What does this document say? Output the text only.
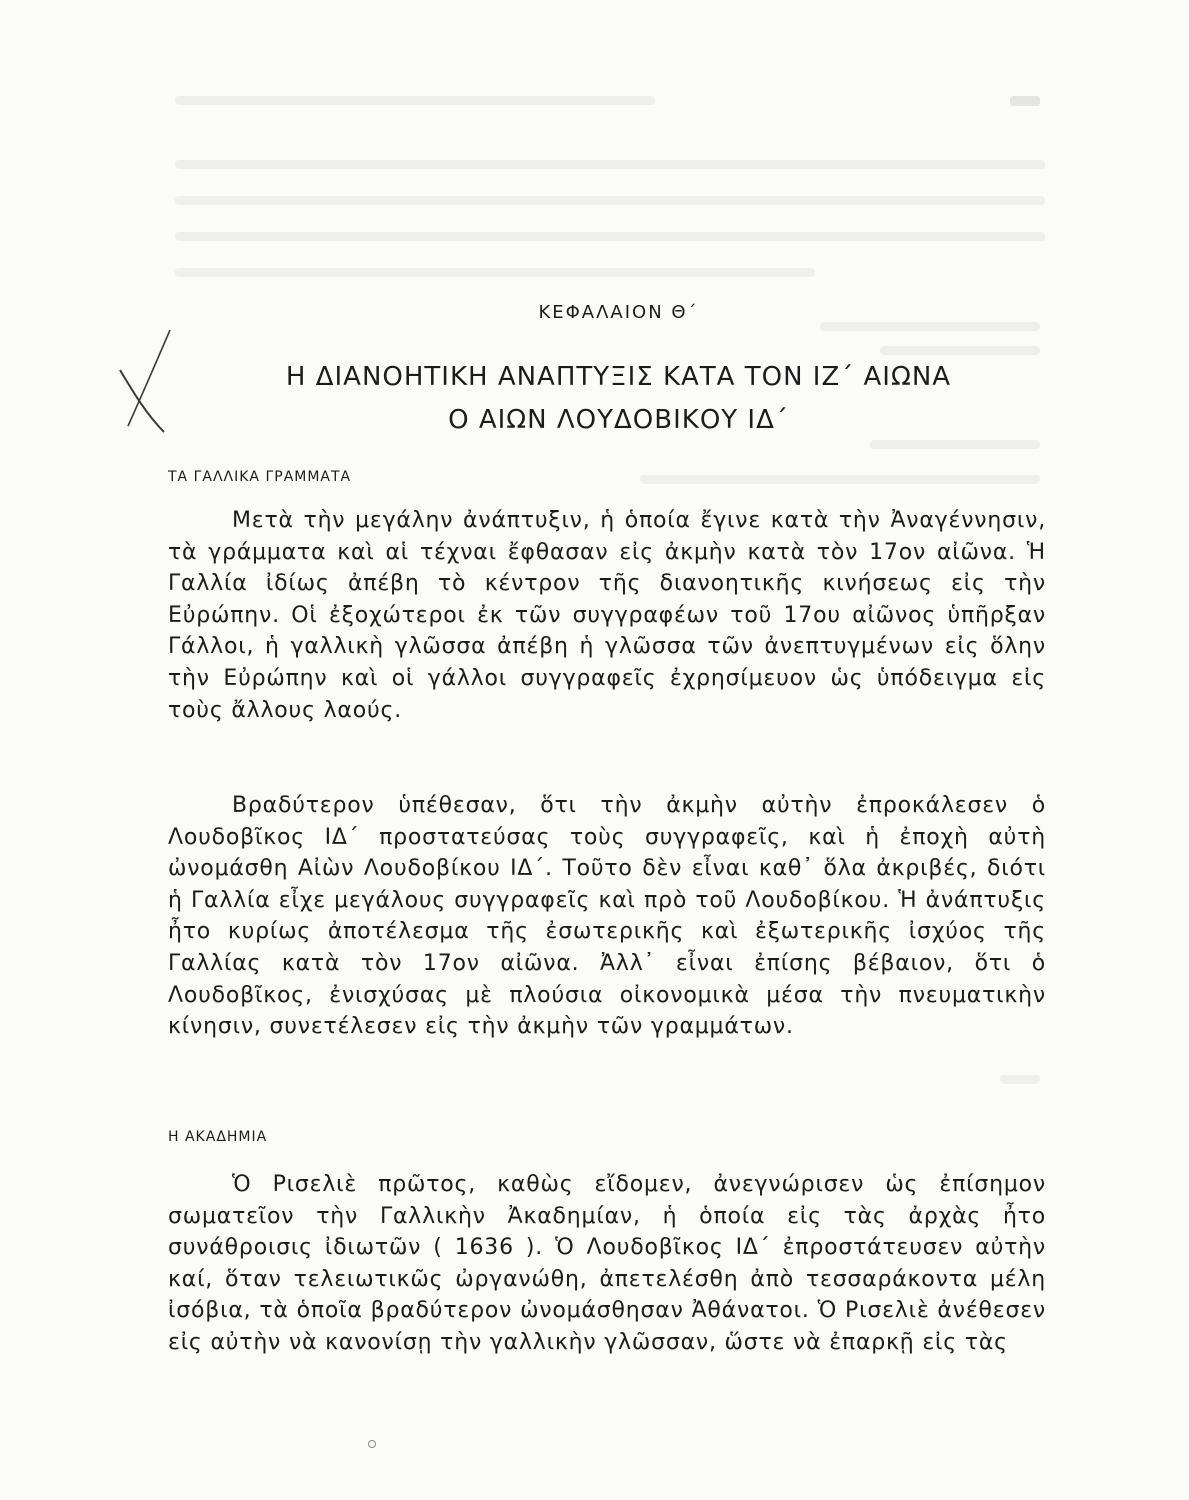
ΚΕΦΑΛΑΙΟΝ Θ΄
Η ΔΙΑΝΟΗΤΙΚΗ ΑΝΑΠΤΥΞΙΣ ΚΑΤΑ ΤΟΝ ΙΖ΄ ΑΙΩΝΑ
Ο ΑΙΩΝ ΛΟΥΔΟΒΙΚΟΥ ΙΔ΄
ΤΑ ΓΑΛΛΙΚΑ ΓΡΑΜΜΑΤΑ

Μετὰ τὴν μεγάλην ἀνάπτυξιν, ἡ ὁποία ἔγινε κατὰ τὴν Ἀναγέννησιν, τὰ γράμματα καὶ αἱ τέχναι ἔφθασαν εἰς ἀκμὴν κατὰ τὸν 17ον αἰῶνα. Ἡ Γαλλία ἰδίως ἀπέβη τὸ κέντρον τῆς διανοητικῆς κινήσεως εἰς τὴν Εὐρώπην. Οἱ ἐξοχώτεροι ἐκ τῶν συγγραφέων τοῦ 17ου αἰῶνος ὑπῆρξαν Γάλλοι, ἡ γαλλικὴ γλῶσσα ἀπέβη ἡ γλῶσσα τῶν ἀνεπτυγμένων εἰς ὅλην τὴν Εὐρώπην καὶ οἱ γάλλοι συγγραφεῖς ἐχρησίμευον ὡς ὑπόδειγμα εἰς τοὺς ἄλλους λαούς.

Βραδύτερον ὑπέθεσαν, ὅτι τὴν ἀκμὴν αὐτὴν ἐπροκάλεσεν ὁ Λουδοβῖκος ΙΔ΄ προστατεύσας τοὺς συγγραφεῖς, καὶ ἡ ἐποχὴ αὐτὴ ὠνομάσθη Αἰὼν Λουδοβίκου ΙΔ΄. Τοῦτο δὲν εἶναι καθ᾿ ὅλα ἀκριβές, διότι ἡ Γαλλία εἶχε μεγάλους συγγραφεῖς καὶ πρὸ τοῦ Λουδοβίκου. Ἡ ἀνάπτυξις ἦτο κυρίως ἀποτέλεσμα τῆς ἐσωτερικῆς καὶ ἐξωτερικῆς ἰσχύος τῆς Γαλλίας κατὰ τὸν 17ον αἰῶνα. Ἀλλ᾿ εἶναι ἐπίσης βέβαιον, ὅτι ὁ Λουδοβῖκος, ἐνισχύσας μὲ πλούσια οἰκονομικὰ μέσα τὴν πνευματικὴν κίνησιν, συνετέλεσεν εἰς τὴν ἀκμὴν τῶν γραμμάτων.

Η ΑΚΑΔΗΜΙΑ

Ὁ Ρισελιὲ πρῶτος, καθὼς εἴδομεν, ἀνεγνώρισεν ὡς ἐπίσημον σωματεῖον τὴν Γαλλικὴν Ἀκαδημίαν, ἡ ὁποία εἰς τὰς ἀρχὰς ἦτο συνάθροισις ἰδιωτῶν ( 1636 ). Ὁ Λουδοβῖκος ΙΔ΄ ἐπροστάτευσεν αὐτὴν καί, ὅταν τελειωτικῶς ὠργανώθη, ἀπετελέσθη ἀπὸ τεσσαράκοντα μέλη ἰσόβια, τὰ ὁποῖα βραδύτερον ὠνομάσθησαν Ἀθάνατοι. Ὁ Ρισελιὲ ἀνέθεσεν εἰς αὐτὴν νὰ κανονίσῃ τὴν γαλλικὴν γλῶσσαν, ὥστε νὰ ἐπαρκῇ εἰς τὰς
